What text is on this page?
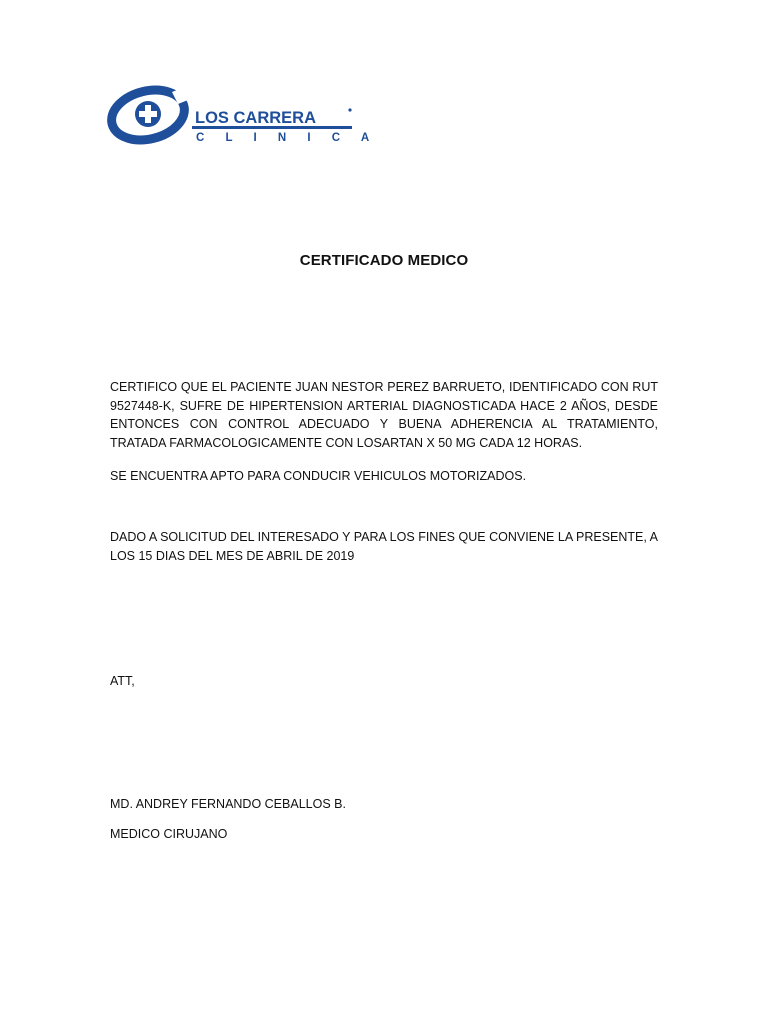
LOS CARRERA
C L I N I C A
CERTIFICADO MEDICO
CERTIFICO QUE EL PACIENTE JUAN NESTOR PEREZ BARRUETO, IDENTIFICADO CON RUT 9527448-K, SUFRE DE HIPERTENSION ARTERIAL DIAGNOSTICADA HACE 2 AÑOS, DESDE ENTONCES CON CONTROL ADECUADO Y BUENA ADHERENCIA AL TRATAMIENTO, TRATADA FARMACOLOGICAMENTE CON LOSARTAN X 50 MG CADA 12 HORAS.
SE ENCUENTRA APTO PARA CONDUCIR VEHICULOS MOTORIZADOS.
DADO A SOLICITUD DEL INTERESADO Y PARA LOS FINES QUE CONVIENE LA PRESENTE, A LOS 15 DIAS DEL MES DE ABRIL DE 2019
ATT,
MD. ANDREY FERNANDO CEBALLOS B.
MEDICO CIRUJANO
